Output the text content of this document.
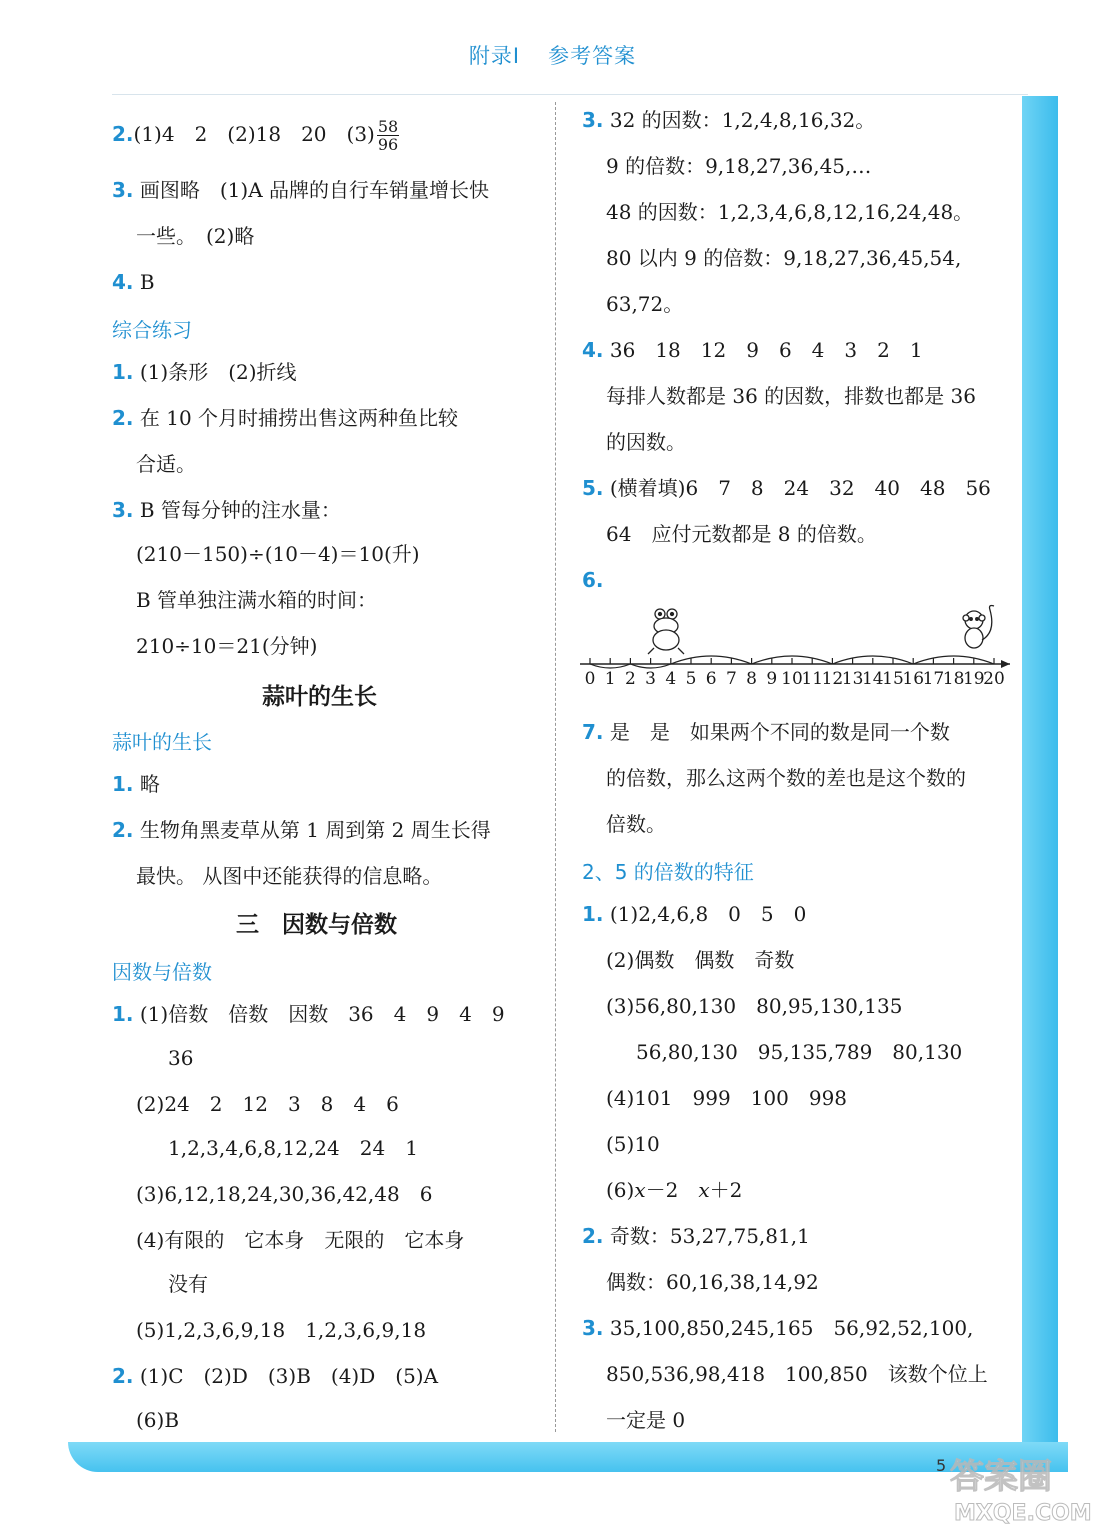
附录Ⅰ 参考答案
5 答案圈
MXQE.COM
2.(1)4　2　(2)18　20　$(3) \frac{58}{96}$
3. 画图略　(1)A 品牌的自行车销量增长快
一些。　(2)略
4. B
综合练习
1. (1)条形　(2)折线
2. 在 10 个月时捕捞出售这两种鱼比较
合适。
3. B 管每分钟的注水量：
(210－150)÷(10－4)＝10(升)
B 管单独注满水箱的时间：
210÷10＝21(分钟)
蒜叶的生长
蒜叶的生长
1. 略
2. 生物角黑麦草从第 1 周到第 2 周生长得
最快。 从图中还能获得的信息略。
三　因数与倍数
因数与倍数
1. (1)倍数　倍数　因数　36　4　9　4　9
36
(2)24　2　12　3　8　4　6
1,2,3,4,6,8,12,24　24　1
(3)6,12,18,24,30,36,42,48　6
(4)有限的　它本身　无限的　它本身
没有
(5)1,2,3,6,9,18　1,2,3,6,9,18
2. (1)C　(2)D　(3)B　(4)D　(5)A
(6)B
3. 32 的因数：1,2,4,8,16,32。
9 的倍数：9,18,27,36,45,…
48 的因数：1,2,3,4,6,8,12,16,24,48。
80 以内 9 的倍数：9,18,27,36,45,54,
63,72。
4. 36　18　12　9　6　4　3　2　1
每排人数都是 36 的因数，排数也都是 36
的因数。
5. (横着填)6　7　8　24　32　40　48　56
64　应付元数都是 8 的倍数。
6.
0 1 2 3 4 5 6 7 8 9 10
11
12
13
14
15
16
17
18
19
20
7. 是　是　如果两个不同的数是同一个数
的倍数，那么这两个数的差也是这个数的
倍数。
2、5 的倍数的特征
1. (1)2,4,6,8　0　5　0
(2)偶数　偶数　奇数
(3)56,80,130　80,95,130,135
56,80,130　95,135,789　80,130
(4)101　999　100　998
(5)10
(6)x－2　x＋2
2. 奇数：53,27,75,81,1
偶数：60,16,38,14,92
3. 35,100,850,245,165　56,92,52,100,
850,536,98,418　100,850　该数个位上
一定是 0
